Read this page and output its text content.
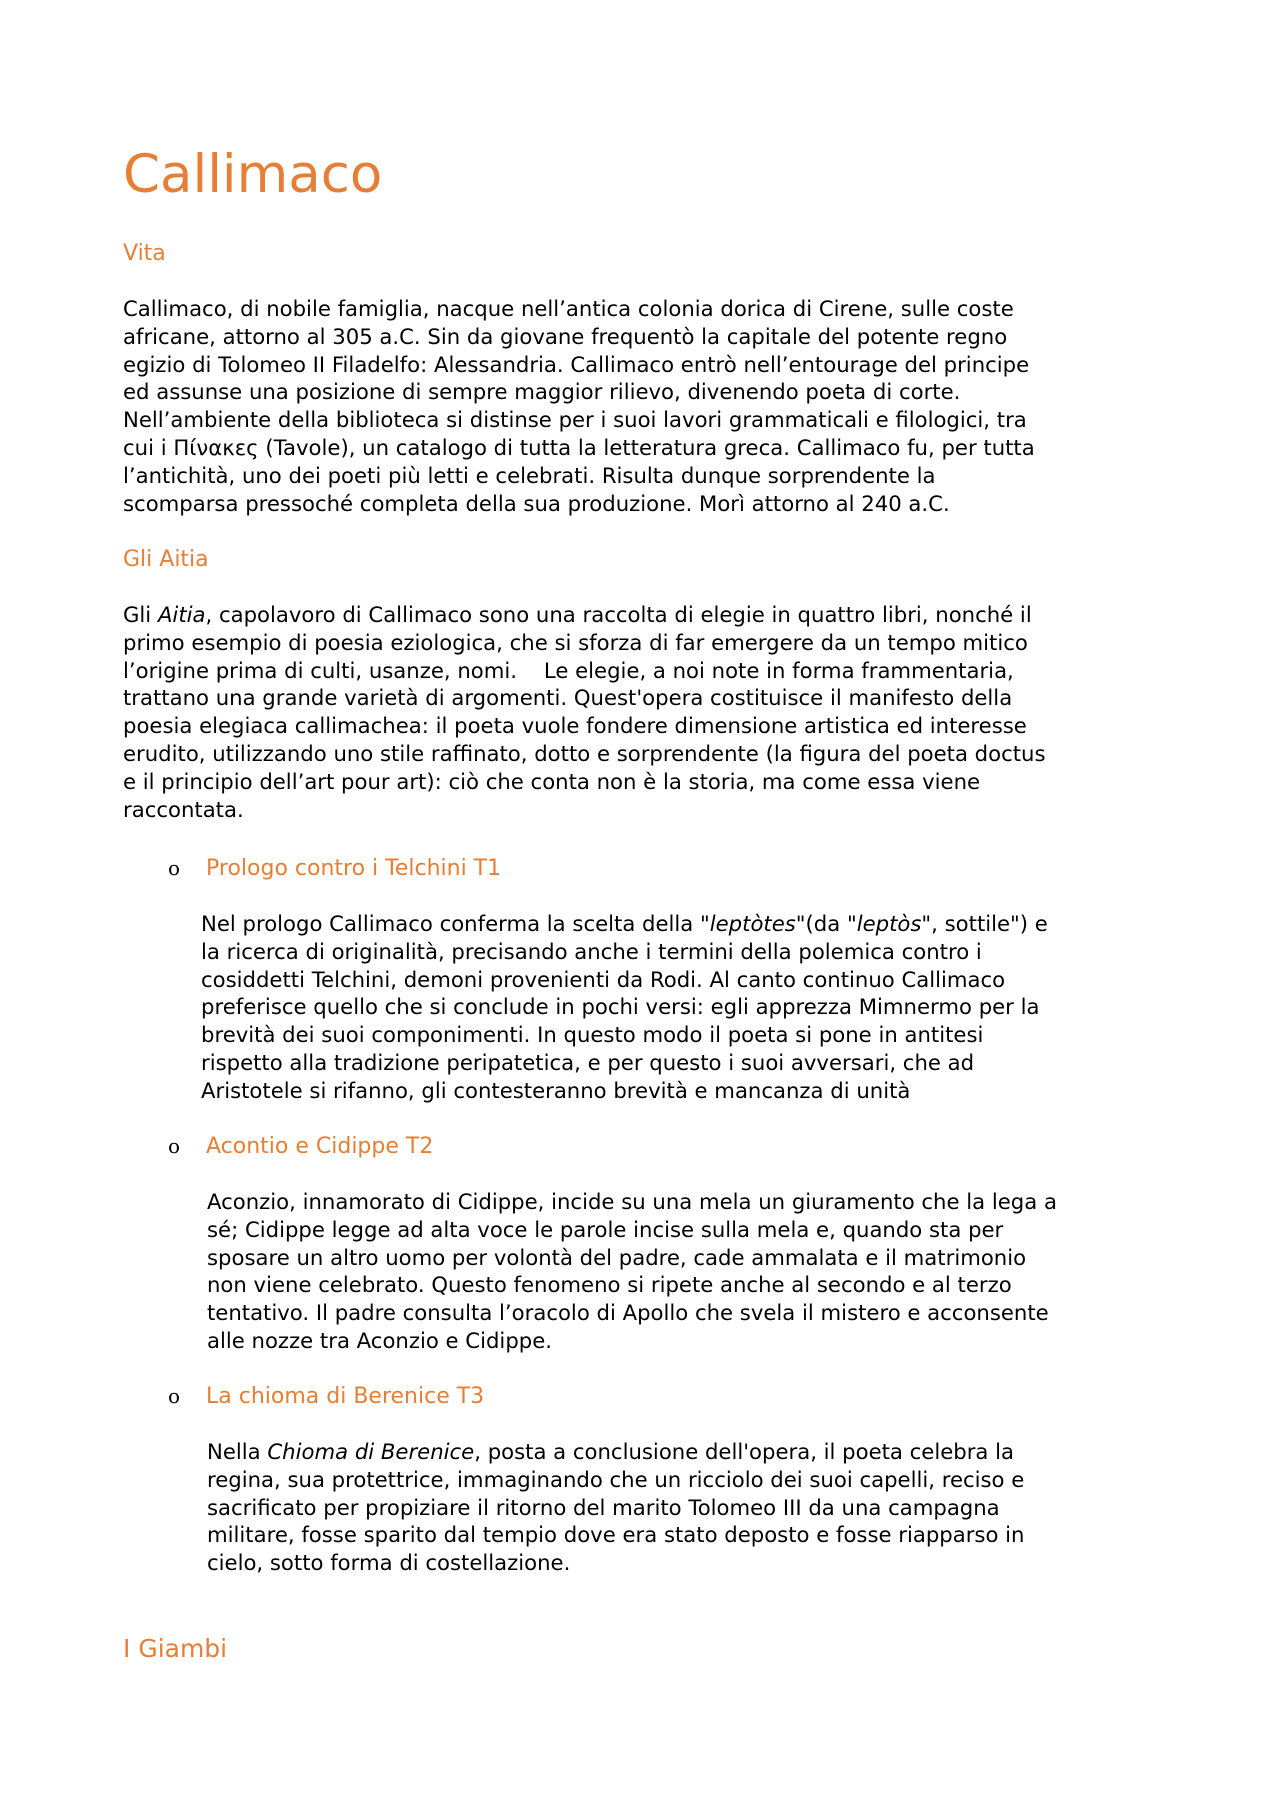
Callimaco
Vita

Callimaco, di nobile famiglia, nacque nell’antica colonia dorica di Cirene, sulle coste
africane, attorno al 305 a.C. Sin da giovane frequentò la capitale del potente regno
egizio di Tolomeo II Filadelfo: Alessandria. Callimaco entrò nell’entourage del principe
ed assunse una posizione di sempre maggior rilievo, divenendo poeta di corte.
Nell’ambiente della biblioteca si distinse per i suoi lavori grammaticali e filologici, tra
cui i Πίνακες (Tavole), un catalogo di tutta la letteratura greca. Callimaco fu, per tutta
l’antichità, uno dei poeti più letti e celebrati. Risulta dunque sorprendente la
scomparsa pressoché completa della sua produzione. Morì attorno al 240 a.C.

Gli Aitia

Gli Aitia, capolavoro di Callimaco sono una raccolta di elegie in quattro libri, nonché il
primo esempio di poesia eziologica, che si sforza di far emergere da un tempo mitico
l’origine prima di culti, usanze, nomi.    Le elegie, a noi note in forma frammentaria,
trattano una grande varietà di argomenti. Quest'opera costituisce il manifesto della
poesia elegiaca callimachea: il poeta vuole fondere dimensione artistica ed interesse
erudito, utilizzando uno stile raffinato, dotto e sorprendente (la figura del poeta doctus
e il principio dell’art pour art): ciò che conta non è la storia, ma come essa viene
raccontata.

o Prologo contro i Telchini T1

Nel prologo Callimaco conferma la scelta della "leptòtes"(da "leptòs", sottile") e
la ricerca di originalità, precisando anche i termini della polemica contro i
cosiddetti Telchini, demoni provenienti da Rodi. Al canto continuo Callimaco
preferisce quello che si conclude in pochi versi: egli apprezza Mimnermo per la
brevità dei suoi componimenti. In questo modo il poeta si pone in antitesi
rispetto alla tradizione peripatetica, e per questo i suoi avversari, che ad
Aristotele si rifanno, gli contesteranno brevità e mancanza di unità

o Acontio e Cidippe T2

Aconzio, innamorato di Cidippe, incide su una mela un giuramento che la lega a
sé; Cidippe legge ad alta voce le parole incise sulla mela e, quando sta per
sposare un altro uomo per volontà del padre, cade ammalata e il matrimonio
non viene celebrato. Questo fenomeno si ripete anche al secondo e al terzo
tentativo. Il padre consulta l’oracolo di Apollo che svela il mistero e acconsente
alle nozze tra Aconzio e Cidippe.

o La chioma di Berenice T3

Nella Chioma di Berenice, posta a conclusione dell'opera, il poeta celebra la
regina, sua protettrice, immaginando che un ricciolo dei suoi capelli, reciso e
sacrificato per propiziare il ritorno del marito Tolomeo III da una campagna
militare, fosse sparito dal tempio dove era stato deposto e fosse riapparso in
cielo, sotto forma di costellazione.

I Giambi
